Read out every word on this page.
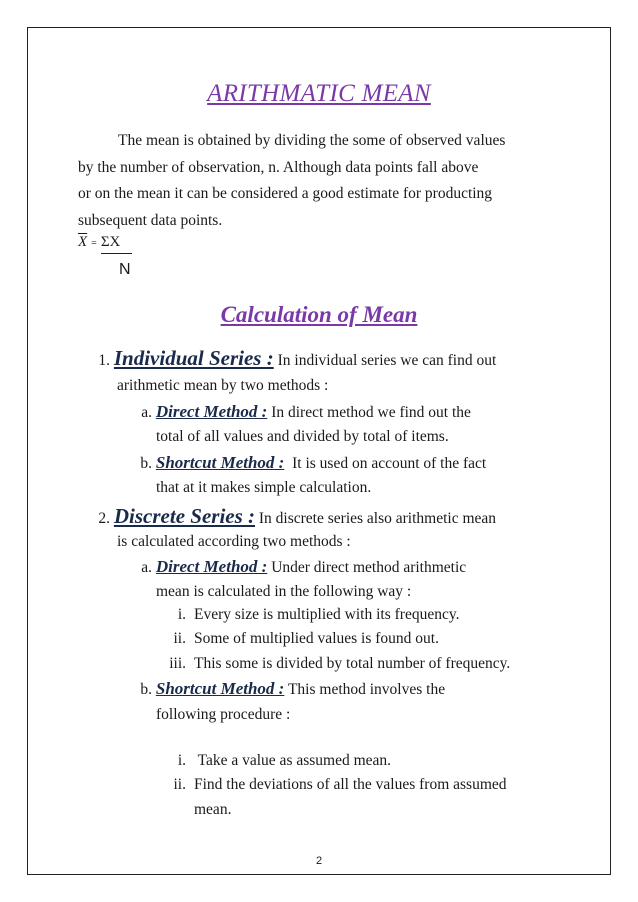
ARITHMATIC MEAN
The mean is obtained by dividing the some of observed values
by the number of observation, n. Although data points fall above
or on the mean it can be considered a good estimate for producting
subsequent data points.
$\overline{X} = \Sigma X$
N
Calculation of Mean
1. Individual Series : In individual series we can find out
arithmetic mean by two methods :
a. Direct Method : In direct method we find out the
total of all values and divided by total of items.
b. Shortcut Method :  It is used on account of the fact
that at it makes simple calculation.
2. Discrete Series : In discrete series also arithmetic mean
is calculated according two methods :
a. Direct Method : Under direct method arithmetic
mean is calculated in the following way :
i. Every size is multiplied with its frequency.
ii. Some of multiplied values is found out.
iii. This some is divided by total number of frequency.
b. Shortcut Method : This method involves the
following procedure :
i. Take a value as assumed mean.
ii. Find the deviations of all the values from assumed
mean.
2
